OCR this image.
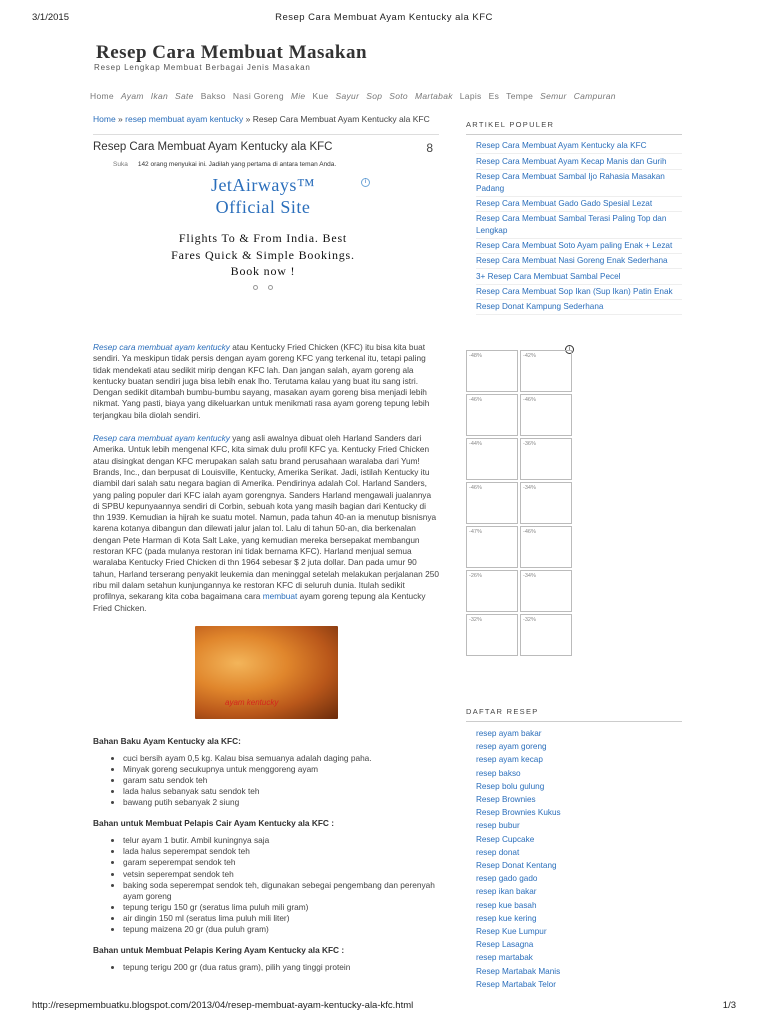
3/1/2015	Resep Cara Membuat Ayam Kentucky ala KFC
Resep Cara Membuat Masakan
Resep Lengkap Membuat Berbagai Jenis Masakan
Home Ayam Ikan Sate Bakso Nasi Goreng Mie Kue Sayur Sop Soto Martabak Lapis Es Tempe Semur Campuran
Home » resep membuat ayam kentucky » Resep Cara Membuat Ayam Kentucky ala KFC
Resep Cara Membuat Ayam Kentucky ala KFC	8
Suka 142 orang menyukai ini. Jadilah yang pertama di antara teman Anda.
i
JetAirways™
Official Site
Flights To & From India. Best
Fares Quick & Simple Bookings.
Book now !

Resep cara membuat ayam kentucky atau Kentucky Fried Chicken (KFC) itu bisa kita buat sendiri. Ya meskipun tidak persis dengan ayam goreng KFC yang terkenal itu, tetapi paling tidak mendekati atau sedikit mirip dengan KFC lah. Dan jangan salah, ayam goreng ala kentucky buatan sendiri juga bisa lebih enak lho. Terutama kalau yang buat itu sang istri. Dengan sedikit ditambah bumbu-bumbu sayang, masakan ayam goreng bisa menjadi lebih nikmat. Yang pasti, biaya yang dikeluarkan untuk menikmati rasa ayam goreng tepung lebih terjangkau bila diolah sendiri.

Resep cara membuat ayam kentucky yang asli awalnya dibuat oleh Harland Sanders dari Amerika. Untuk lebih mengenal KFC, kita simak dulu profil KFC ya. Kentucky Fried Chicken atau disingkat dengan KFC merupakan salah satu brand perusahaan waralaba dari Yum! Brands, Inc., dan berpusat di Louisville, Kentucky, Amerika Serikat. Jadi, istilah Kentucky itu diambil dari salah satu negara bagian di Amerika. Pendirinya adalah Col. Harland Sanders, yang paling populer dari KFC ialah ayam gorengnya. Sanders Harland mengawali jualannya di SPBU kepunyaannya sendiri di Corbin, sebuah kota yang masih bagian dari Kentucky di thn 1939. Kemudian ia hijrah ke suatu motel. Namun, pada tahun 40-an ia menutup bisnisnya karena kotanya dibangun dan dilewati jalur jalan tol. Lalu di tahun 50-an, dia berkenalan dengan Pete Harman di Kota Salt Lake, yang kemudian mereka bersepakat membangun restoran KFC (pada mulanya restoran ini tidak bernama KFC). Harland menjual semua waralaba Kentucky Fried Chicken di thn 1964 sebesar $ 2 juta dollar. Dan pada umur 90 tahun, Harland terserang penyakit leukemia dan meninggal setelah melakukan perjalanan 250 ribu mil dalam setahun kunjungannya ke restoran KFC di seluruh dunia. Itulah sedikit profilnya, sekarang kita coba bagaimana cara membuat ayam goreng tepung ala Kentucky Fried Chicken.

ayam kentucky
Bahan Baku Ayam Kentucky ala KFC:
• cuci bersih ayam 0,5 kg. Kalau bisa semuanya adalah daging paha.
• Minyak goreng secukupnya untuk menggoreng ayam
• garam satu sendok teh
• lada halus sebanyak satu sendok teh
• bawang putih sebanyak 2 siung
Bahan untuk Membuat Pelapis Cair Ayam Kentucky ala KFC :
• telur ayam 1 butir. Ambil kuningnya saja
• lada halus seperempat sendok teh
• garam seperempat sendok teh
• vetsin seperempat sendok teh
• baking soda seperempat sendok teh, digunakan sebegai pengembang dan perenyah ayam goreng
• tepung terigu 150 gr (seratus lima puluh mili gram)
• air dingin 150 ml (seratus lima puluh mili liter)
• tepung maizena 20 gr (dua puluh gram)
Bahan untuk Membuat Pelapis Kering Ayam Kentucky ala KFC :
• tepung terigu 200 gr (dua ratus gram), pilih yang tinggi protein
ARTIKEL POPULER
Resep Cara Membuat Ayam Kentucky ala KFC
Resep Cara Membuat Ayam Kecap Manis dan Gurih
Resep Cara Membuat Sambal Ijo Rahasia Masakan Padang
Resep Cara Membuat Gado Gado Spesial Lezat
Resep Cara Membuat Sambal Terasi Paling Top dan Lengkap
Resep Cara Membuat Soto Ayam paling Enak + Lezat
Resep Cara Membuat Nasi Goreng Enak Sederhana
3+ Resep Cara Membuat Sambal Pecel
Resep Cara Membuat Sop Ikan (Sup Ikan) Patin Enak
Resep Donat Kampung Sederhana
i
-48%	-42%
-46%	-46%
-44%	-36%
-46%	-34%
-47%	-46%
-26%	-34%
-32%	-32%
DAFTAR RESEP
resep ayam bakar
resep ayam goreng
resep ayam kecap
resep bakso
Resep bolu gulung
Resep Brownies
Resep Brownies Kukus
resep bubur
Resep Cupcake
resep donat
Resep Donat Kentang
resep gado gado
resep ikan bakar
resep kue basah
resep kue kering
Resep Kue Lumpur
Resep Lasagna
resep martabak
Resep Martabak Manis
Resep Martabak Telor
http://resepmembuatku.blogspot.com/2013/04/resep-membuat-ayam-kentucky-ala-kfc.html	1/3
